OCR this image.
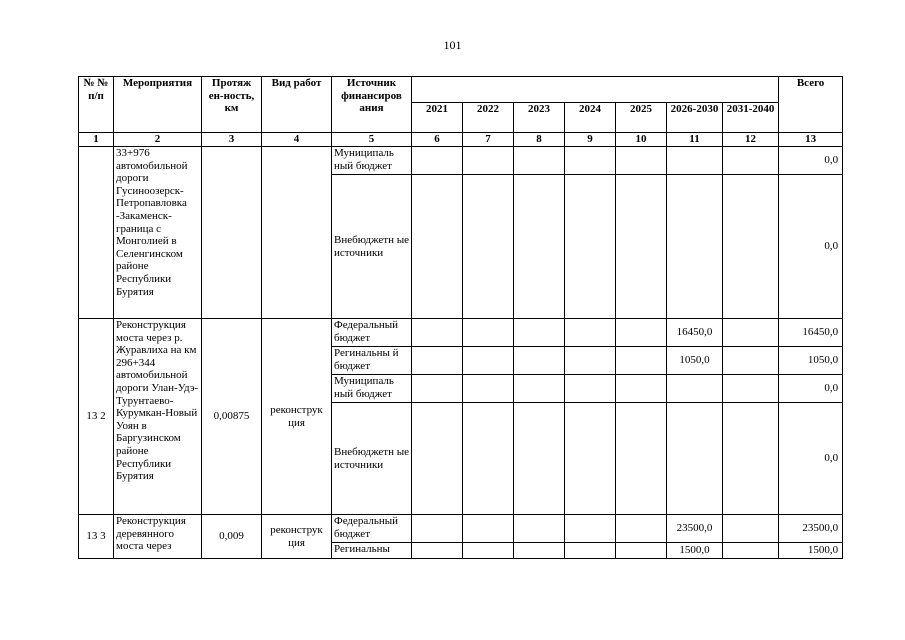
101
№ № п/п	Мероприятия	Протяж ен-ность, км	Вид работ	Источник финансиров ания								Всего
					2021	2022	2023	2024	2025	2026-2030	2031-2040	
1	2	3	4	5	6	7	8	9	10	11	12	13
	33+976 автомобильной дороги Гусиноозерск-Петропавловка -Закаменск-граница с Монголией в Селенгинском районе Республики Бурятия			Муниципаль ный бюджет								0,0
				Внебюджетн ые источники								0,0
13 2	Реконструкция моста через р. Журавлиха на км 296+344 автомобильной дороги Улан-Удэ-Турунтаево-Курумкан-Новый Уоян в Баргузинском районе Республики Бурятия	0,00875	реконструк ция	Федеральный бюджет						16450,0		16450,0
				Регинальны й бюджет						1050,0		1050,0
				Муниципаль ный бюджет								0,0
				Внебюджетн ые источники								0,0
13 3	Реконструкция деревянного моста через	0,009	реконструк ция	Федеральный бюджет						23500,0		23500,0
				Регинальны						1500,0		1500,0
